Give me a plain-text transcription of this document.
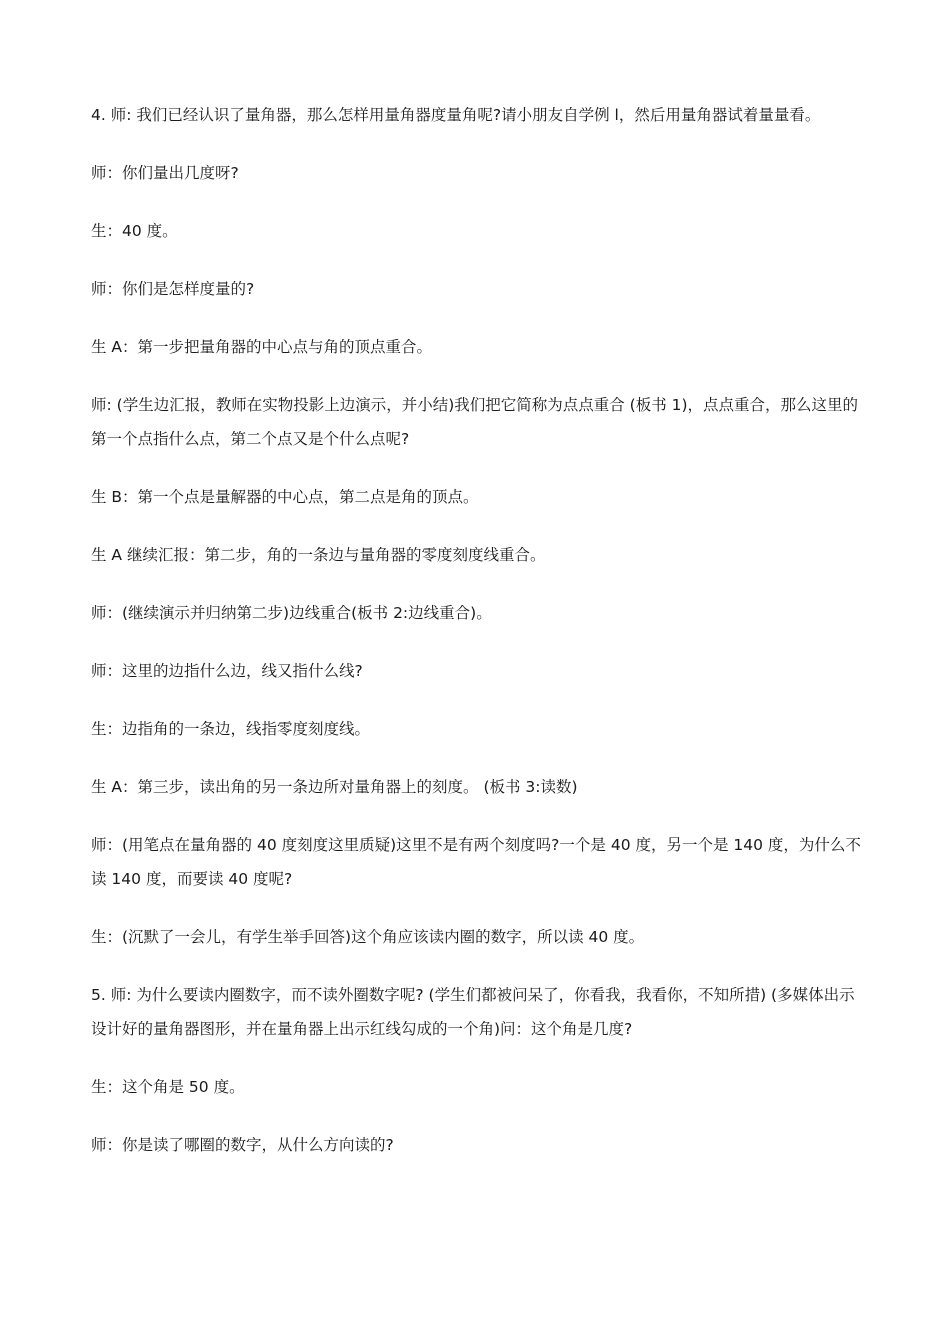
4. 师: 我们已经认识了量角器，那么怎样用量角器度量角呢?请小朋友自学例 l，然后用量角器试着量量看。

师：你们量出几度呀?

生：40 度。

师：你们是怎样度量的?

生 A：第一步把量角器的中心点与角的顶点重合。

师: (学生边汇报，教师在实物投影上边演示，并小结)我们把它简称为点点重合 (板书 1)，点点重合，那么这里的第一个点指什么点，第二个点又是个什么点呢?

生 B：第一个点是量解器的中心点，第二点是角的顶点。

生 A 继续汇报：第二步，角的一条边与量角器的零度刻度线重合。

师：(继续演示并归纳第二步)边线重合(板书 2:边线重合)。

师：这里的边指什么边，线又指什么线?

生：边指角的一条边，线指零度刻度线。

生 A：第三步，读出角的另一条边所对量角器上的刻度。 (板书 3:读数)

师：(用笔点在量角器的 40 度刻度这里质疑)这里不是有两个刻度吗?一个是 40 度，另一个是 140 度，为什么不读 140 度，而要读 40 度呢?

生：(沉默了一会儿，有学生举手回答)这个角应该读内圈的数字，所以读 40 度。

5. 师: 为什么要读内圈数字，而不读外圈数字呢? (学生们都被问呆了，你看我，我看你，不知所措) (多媒体出示设计好的量角器图形，并在量角器上出示红线勾成的一个角)问：这个角是几度?

生：这个角是 50 度。

师：你是读了哪圈的数字，从什么方向读的?
